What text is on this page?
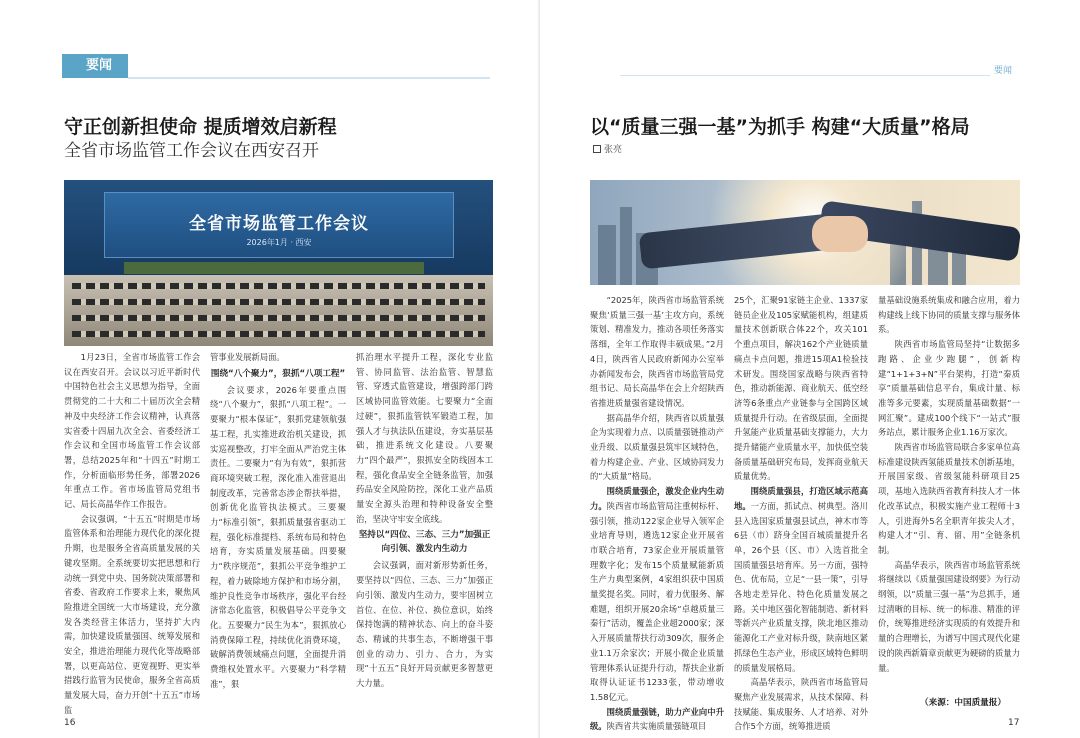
要闻
守正创新担使命 提质增效启新程
全省市场监管工作会议在西安召开
全省市场监管工作会议
2026年1月 · 西安

1月23日，全省市场监管工作会议在西安召开。会议以习近平新时代中国特色社会主义思想为指导，全面贯彻党的二十大和二十届历次全会精神及中央经济工作会议精神，认真落实省委十四届九次全会、省委经济工作会议和全国市场监管工作会议部署，总结2025年和“十四五”时期工作，分析面临形势任务，部署2026年重点工作。省市场监管局党组书记、局长高晶华作工作报告。

会议强调，“十五五”时期是市场监管体系和治理能力现代化的深化提升期，也是服务全省高质量发展的关键攻坚期。全系统要切实把思想和行动统一到党中央、国务院决策部署和省委、省政府工作要求上来，聚焦风险推进全国统一大市场建设，充分激发各类经营主体活力，坚持扩大内需，加快建设质量强国、统筹发展和安全，推进治理能力现代化等战略部署，以更高站位、更宽视野、更实举措践行监管为民使命，服务全省高质量发展大局，奋力开创“十五五”市场监

管事业发展新局面。

围绕“八个聚力”，狠抓“八项工程”

会议要求，2026年要重点围绕“八个聚力”，狠抓“八项工程”。一要聚力“根本保证”，狠抓党建领航强基工程，扎实推进政治机关建设，抓实巡视整改，打牢全面从严治党主体责任。二要聚力“有为有效”，狠抓营商环境突破工程，深化准入准营退出制度改革，完善常态涉企帮扶举措，创新优化监管执法模式。三要聚力“标准引领”，狠抓质量强省驱动工程，强化标准提档、系统布局和特色培育，夯实质量发展基础。四要聚力“秩序规范”，狠抓公平竞争维护工程，着力破除地方保护和市场分割，维护良性竞争市场秩序，强化平台经济常态化监管，积极倡导公平竞争文化。五要聚力“民生为本”，狠抓放心消费保障工程，持续优化消费环境，破解消费领域痛点问题，全面提升消费维权处置水平。六要聚力“科学精准”，狠

抓治理水平提升工程，深化专业监管、协同监管、法治监管、智慧监管、穿透式监管建设，增强跨部门跨区域协同监管效能。七要聚力“全面过硬”，狠抓监管铁军锻造工程，加强人才与执法队伍建设，夯实基层基础，推进系统文化建设。八要聚力“四个最严”，狠抓安全防线固本工程，强化食品安全全链条监管，加强药品安全风险防控，深化工业产品质量安全源头治理和特种设备安全整治，坚决守牢安全底线。

坚持以“四位、三态、三力”加强正向引领、激发内生动力

会议强调，面对新形势新任务，要坚持以“四位、三态、三力”加强正向引领、激发内生动力，要牢固树立首位、在位、补位、换位意识，始终保持饱满的精神状态、向上的奋斗姿态、精诚的共事生态，不断增强干事创业的动力、引力、合力，为实现“十五五”良好开局贡献更多智慧更大力量。

16
要闻
以“质量三强一基”为抓手 构建“大质量”格局
张亮

“2025年，陕西省市场监管系统聚焦‘质量三强一基’主攻方向，系统策划、精准发力，推动各项任务落实落细，全年工作取得丰硕成果。”2月4日，陕西省人民政府新闻办公室举办新闻发布会，陕西省市场监管局党组书记、局长高晶华在会上介绍陕西省推进质量强省建设情况。

据高晶华介绍，陕西省以质量强企为实现着力点、以质量强链推动产业升级、以质量强县筑牢区域特色，着力构建企业、产业、区域协同发力的“大质量”格局。

围绕质量强企，激发企业内生动力。陕西省市场监管局注重树标杆、强引领，推动122家企业导入领军企业培育导则，遴选12家企业开展省市联合培育，73家企业开展质量管理数字化；发布15个质量赋能新质生产力典型案例，4家组织获中国质量奖提名奖。同时，着力优服务、解难题，组织开展20余场“卓越质量三秦行”活动，覆盖企业超2000家；深入开展质量帮扶行动309次，服务企业1.1万余家次；开展小微企业质量管理体系认证提升行动，帮扶企业新取得认证证书1233张，带动增收1.58亿元。

围绕质量强链，助力产业向中升级。陕西省共实施质量强链项目

25个，汇聚91家链主企业、1337家链员企业及105家赋能机构，组建质量技术创新联合体22个，攻关101个重点项目，解决162个产业链质量痛点卡点问题，推进15项A1检验技术研发。围绕国家战略与陕西省特色，推动新能源、商业航天、低空经济等6条重点产业链参与全国跨区域质量提升行动。在省级层面，全面提升氢能产业质量基础支撑能力，大力提升储能产业质量水平，加快低空装备质量基础研究布局，发挥商业航天质量优势。

围绕质量强县，打造区域示范高地。一方面，抓试点、树典型。洛川县入选国家质量强县试点，神木市等6县（市）跻身全国百城质量提升名单，26个县（区、市）入选首批全国质量强县培育库。另一方面，强特色、优布局，立足“一县一策”，引导各地走差异化、特色化质量发展之路。关中地区强化智能制造、新材料等新兴产业质量支撑，陕北地区推动能源化工产业对标升级，陕南地区紧抓绿色生态产业，形成区域特色鲜明的质量发展格局。

高晶华表示，陕西省市场监管局聚焦产业发展需求，从技术保障、科技赋能、集成服务、人才培养、对外合作5个方面，统筹推进质

量基础设施系统集成和融合应用，着力构建线上线下协同的质量支撑与服务体系。

陕西省市场监管局坚持“让数据多跑路、企业少跑腿”，创新构建“1+1+3+N”平台架构，打造“秦质享”质量基础信息平台，集成计量、标准等多元要素，实现质量基础数据“一网汇聚”。建成100个线下“一站式”服务站点，累计服务企业1.16万家次。

陕西省市场监管局联合多家单位高标准建设陕西氢能质量技术创新基地，开展国家级、省级氢能科研项目25项，基地入选陕西省教育科技人才一体化改革试点，积极实施产业工程师十3人，引进海外5名全职青年拔尖人才，构建人才“引、育、留、用”全链条机制。

高晶华表示，陕西省市场监管系统将继续以《质量强国建设纲要》为行动纲领，以“质量三强一基”为总抓手，通过清晰的目标、统一的标准、精准的评价，统筹推进经济实现质的有效提升和量的合理增长，为谱写中国式现代化建设的陕西新篇章贡献更为硬磅的质量力量。

（来源：中国质量报）
17
